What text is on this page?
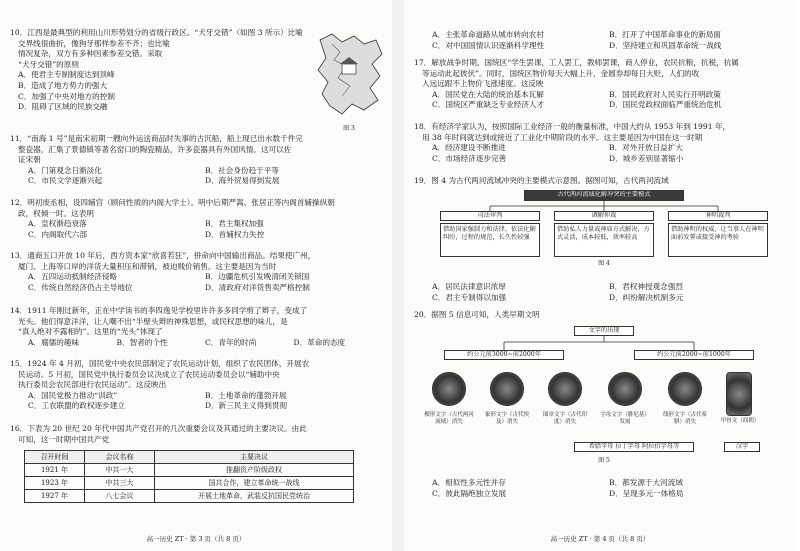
10．江西是最典型的利用山川形势划分的省级行政区。“犬牙交错”（如图 3 所示）比喻
交界线很曲折，像狗牙那样参差不齐；也比喻
情况复杂，双方有多种因素参差交错。采取
“犬牙交错”的原则
A．使君主专制制度达到顶峰
B．造成了地方势力的强大
C．加强了中央对地方的控制
D．阻碍了区域的民族交融
图 3
11．“南海 1 号”是南宋初期一艘向外运送商品时失事的古沉船，船上现已出水数千件完
整瓷器，汇集了景德镇等著名窑口的陶瓷精品，许多瓷器具有外国风情。这可以佐
证宋朝
A．门第观念日渐淡化	B．社会身份趋于平等
C．市民文学逐渐兴起	D．海外贸易得到发展
12．明初废丞相，设四辅官（顾问性质的内阁大学士）。明中后期严嵩、张居正等内阁首辅操纵朝
政，权倾一时。这表明
A．皇权渐趋衰落	B．君主集权加强
C．内阁取代六部	D．首辅权力失控
13．通商五口开放 10 年后，西方资本家“欣喜若狂”，拼命向中国输出商品。结果使广州，
厦门、上海等口岸的洋货大量积压和滞销，被迫贱价销售。这主要是因为当时
A．五四运动抵制经济侵略	B．边疆危机引发晚清闭关锁国
C．传统自然经济仍占主导地位	D．清政府对洋货售卖严格控制
14．1911 年刚过新年，正在中学读书的李四逸见学校里许许多多同学剪了辫子，变成了
光头。他们得意洋洋，让人嘲不出“半壁头辫的神殊思想，或民权思想的味儿，是
“真人绝对不露相的”。这里的“光头”体现了
A．腐儒的趣味	B．智者的个性	C．青年的时尚	D．革命的态度
15．1924 年 4 月初，国民党中央农民部制定了农民运动计划，组织了农民团体，开展农
民运动。5 月初，国民党中执行委员会议决成立了农民运动委员会以“辅助中央
执行委员会农民部进行农民运动”。这反映出
A．国民党极力推动“训政”	B．土地革命的蓬勃开展
C．工农联盟的政权逐步建立	D．新三民主义得到贯彻
16．下表为 20 世纪 20 年代中国共产党召开的几次重要会议及其通过的主要决议。由此
可知，这一时期中国共产党
召开时间	会议名称	主要决议
1921 年	中共一大	推翻资产阶级政权
1923 年	中共三大	国共合作，建立革命统一战线
1927 年	八七会议	开展土地革命，武装反抗国民党统治
高一历史 ZT · 第 3 页（共 8 页）
A．主张革命道路从城市转向农村	B．打开了中国革命事业的新局面
C．对中国国情认识逐渐科学理性	D．坚持建立和巩固革命统一战线
17．解放战争时期，国统区“学生罢课，工人罢工，教师罢课，商人停业，农民抗粮，抗税，抗属
等运动此起彼伏”。同时，国统区物价每天大幅上升，金圆券却每日大贬，人们的收
入远远跟不上物价飞涨速度。这反映
A．国民党在大陆的统治基本瓦解	B．国民政府对人民实行开明政策
C．国统区严重缺乏专业经济人才	D．国民党政权面临严重统治危机
18．有经济学家认为，按照国际工业经济一般的衡量标准，中国大约从 1953 年到 1991 年，
用 38 年时间就达到或接近了工业化中期阶段的水平。这主要是因为中国在这一时期
A．经济建设不断推进	B．对外开放日益扩大
C．市场经济逐步完善	D．城乡差别显著缩小
19．图 4 为古代两河流域冲突的主要模式示意图。据图可知，古代两河流域
古代两河流域化解冲突的主要模式
司法审判	调解仲裁	神明裁判
借助国家强制力和法律，依法化解纠纷，过程的规范，长久性较强
借助私人力量或神庙方式解决，方式灵活，成本较低，效率较高
借助神明的权威，让当事人在神明面前发誓或接受神的考验
图 4
A．居民法律意识浓厚	B．君权神授观念强烈
C．君主专制得以加强	D．纠纷解决机制多元
20．据图 5 信息可知，人类早期文明
文字的出现
约公元前3000~前2000年	约公元前2000~前1000年
楔形文字（古代两河流域）消失
象形文字（古代埃及）消失
图章文字（古代印度）消失
字母文字（腓尼基）发展
线形文字（古代希腊）消失	甲骨文（商朝）
希腊字母 拉丁字母 阿拉伯字母等	汉字
图 5
A．相似性多元性并存	B．都发源于大河流域
C．彼此隔绝独立发展	D．呈现多元一体格局
高一历史 ZT · 第 4 页（共 8 页）
